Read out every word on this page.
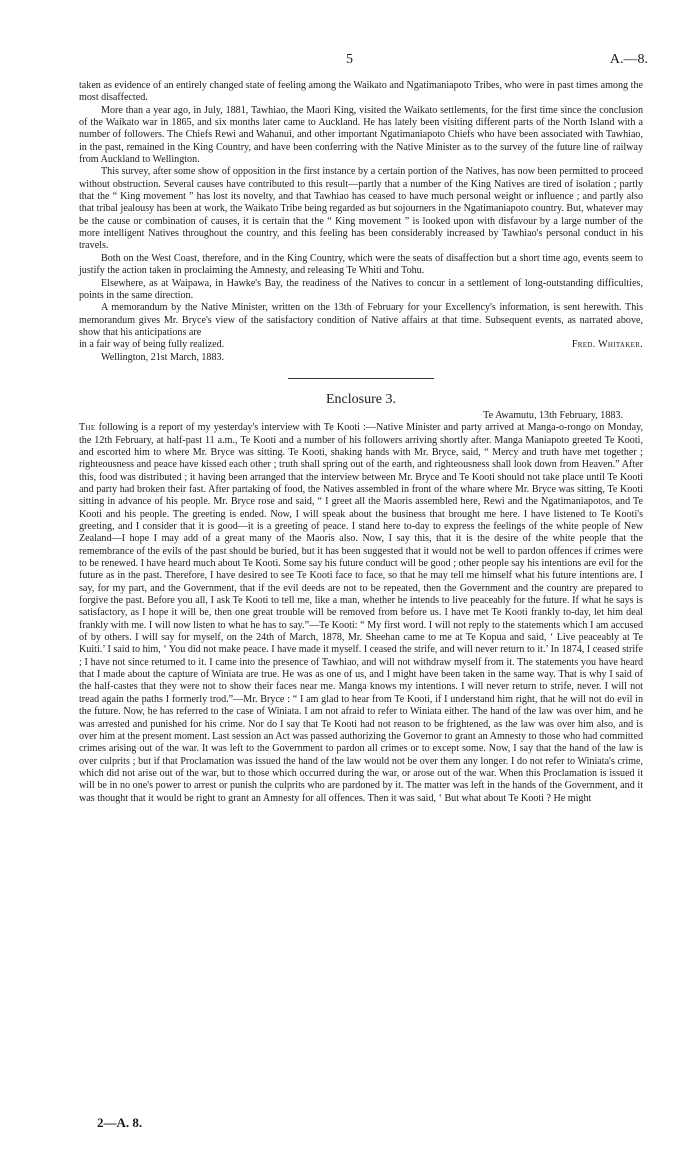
5	A.—8.

taken as evidence of an entirely changed state of feeling among the Waikato and Ngatimaniapoto Tribes, who were in past times among the most disaffected.

More than a year ago, in July, 1881, Tawhiao, the Maori King, visited the Waikato settlements, for the first time since the conclusion of the Waikato war in 1865, and six months later came to Auckland. He has lately been visiting different parts of the North Island with a number of followers. The Chiefs Rewi and Wahanui, and other important Ngatimaniapoto Chiefs who have been associated with Tawhiao, in the past, remained in the King Country, and have been conferring with the Native Minister as to the survey of the future line of railway from Auckland to Wellington.

This survey, after some show of opposition in the first instance by a certain portion of the Natives, has now been permitted to proceed without obstruction. Several causes have contributed to this result—partly that a number of the King Natives are tired of isolation ; partly that the “ King movement ” has lost its novelty, and that Tawhiao has ceased to have much personal weight or influence ; and partly also that tribal jealousy has been at work, the Waikato Tribe being regarded as but sojourners in the Ngatimaniapoto country. But, whatever may be the cause or combination of causes, it is certain that the “ King movement ” is looked upon with disfavour by a large number of the more intelligent Natives throughout the country, and this feeling has been considerably increased by Tawhiao's personal conduct in his travels.

Both on the West Coast, therefore, and in the King Country, which were the seats of disaffection but a short time ago, events seem to justify the action taken in proclaiming the Amnesty, and releasing Te Whiti and Tohu.

Elsewhere, as at Waipawa, in Hawke's Bay, the readiness of the Natives to concur in a settlement of long-outstanding difficulties, points in the same direction.

A memorandum by the Native Minister, written on the 13th of February for your Excellency's information, is sent herewith. This memorandum gives Mr. Bryce's view of the satisfactory condition of Native affairs at that time. Subsequent events, as narrated above, show that his anticipations are

in a fair way of being fully realized.	Fred. Whitaker.

Wellington, 21st March, 1883.

Enclosure 3.
Te Awamutu, 13th February, 1883.

The following is a report of my yesterday's interview with Te Kooti :—Native Minister and party arrived at Manga-o-rongo on Monday, the 12th February, at half-past 11 a.m., Te Kooti and a number of his followers arriving shortly after. Manga Maniapoto greeted Te Kooti, and escorted him to where Mr. Bryce was sitting. Te Kooti, shaking hands with Mr. Bryce, said, “ Mercy and truth have met together ; righteousness and peace have kissed each other ; truth shall spring out of the earth, and righteousness shall look down from Heaven.” After this, food was distributed ; it having been arranged that the interview between Mr. Bryce and Te Kooti should not take place until Te Kooti and party had broken their fast. After partaking of food, the Natives assembled in front of the whare where Mr. Bryce was sitting, Te Kooti sitting in advance of his people. Mr. Bryce rose and said, “ I greet all the Maoris assembled here, Rewi and the Ngatimaniapotos, and Te Kooti and his people. The greeting is ended. Now, I will speak about the business that brought me here. I have listened to Te Kooti's greeting, and I consider that it is good—it is a greeting of peace. I stand here to-day to express the feelings of the white people of New Zealand—I hope I may add of a great many of the Maoris also. Now, I say this, that it is the desire of the white people that the remembrance of the evils of the past should be buried, but it has been suggested that it would not be well to pardon offences if crimes were to be renewed. I have heard much about Te Kooti. Some say his future conduct will be good ; other people say his intentions are evil for the future as in the past. Therefore, I have desired to see Te Kooti face to face, so that he may tell me himself what his future intentions are. I say, for my part, and the Government, that if the evil deeds are not to be repeated, then the Government and the country are prepared to forgive the past. Before you all, I ask Te Kooti to tell me, like a man, whether he intends to live peaceably for the future. If what he says is satisfactory, as I hope it will be, then one great trouble will be removed from before us. I have met Te Kooti frankly to-day, let him deal frankly with me. I will now listen to what he has to say.”—Te Kooti: “ My first word. I will not reply to the statements which I am accused of by others. I will say for myself, on the 24th of March, 1878, Mr. Sheehan came to me at Te Kopua and said, ‘ Live peaceably at Te Kuiti.’ I said to him, ‘ You did not make peace. I have made it myself. I ceased the strife, and will never return to it.’ In 1874, I ceased strife ; I have not since returned to it. I came into the presence of Tawhiao, and will not withdraw myself from it. The statements you have heard that I made about the capture of Winiata are true. He was as one of us, and I might have been taken in the same way. That is why I said of the half-castes that they were not to show their faces near me. Manga knows my intentions. I will never return to strife, never. I will not tread again the paths I formerly trod.”—Mr. Bryce : “ I am glad to hear from Te Kooti, if I understand him right, that he will not do evil in the future. Now, he has referred to the case of Winiata. I am not afraid to refer to Winiata either. The hand of the law was over him, and he was arrested and punished for his crime. Nor do I say that Te Kooti had not reason to be frightened, as the law was over him also, and is over him at the present moment. Last session an Act was passed authorizing the Governor to grant an Amnesty to those who had committed crimes arising out of the war. It was left to the Government to pardon all crimes or to except some. Now, I say that the hand of the law is over culprits ; but if that Proclamation was issued the hand of the law would not be over them any longer. I do not refer to Winiata's crime, which did not arise out of the war, but to those which occurred during the war, or arose out of the war. When this Proclamation is issued it will be in no one's power to arrest or punish the culprits who are pardoned by it. The matter was left in the hands of the Government, and it was thought that it would be right to grant an Amnesty for all offences. Then it was said, ‘ But what about Te Kooti ? He might

2—A. 8.
